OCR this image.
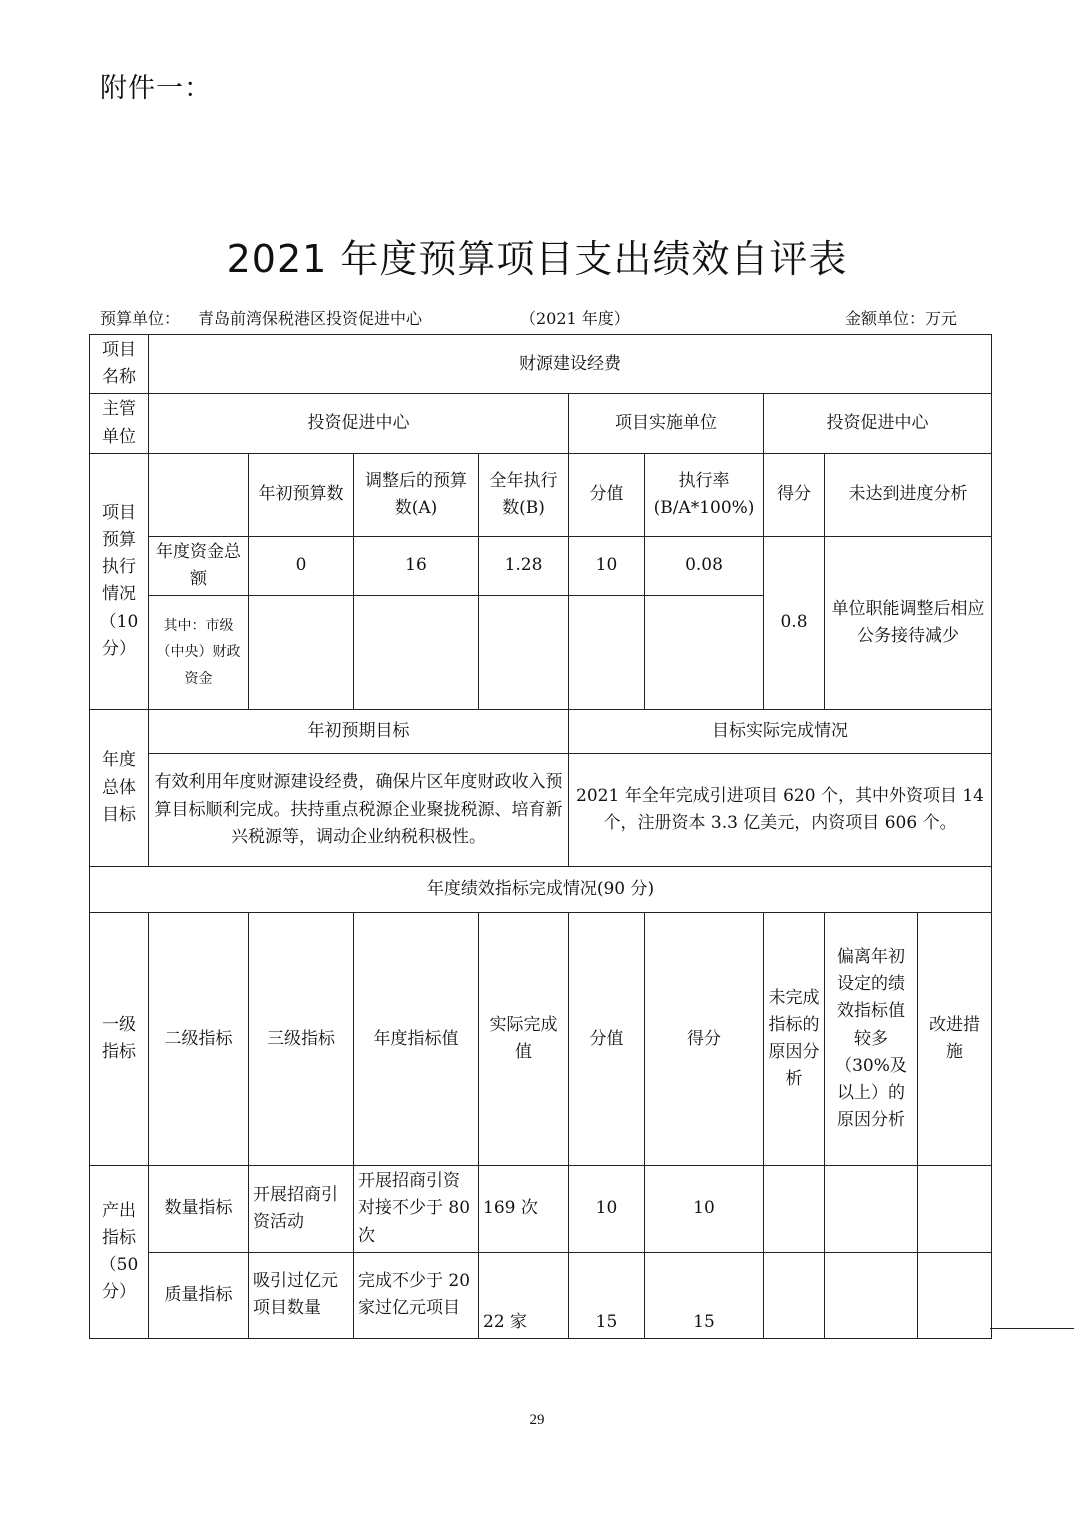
附件一：
2021 年度预算项目支出绩效自评表
预算单位： 青岛前湾保税港区投资促进中心	（2021 年度）	金额单位：万元
项目名称	财源建设经费								
主管单位	投资促进中心				项目实施单位		投资促进中心		
项目预算执行情况（10分）		年初预算数	调整后的预算数(A)	全年执行数(B)	分值	执行率(B/A*100%)	得分	未达到进度分析	
	年度资金总额	0	16	1.28	10	0.08	0.8	单位职能调整后相应公务接待减少	
	其中：市级（中央）财政资金								
年度总体目标	年初预期目标				目标实际完成情况				
	有效利用年度财源建设经费，确保片区年度财政收入预算目标顺利完成。扶持重点税源企业聚拢税源、培育新兴税源等，调动企业纳税积极性。				2021 年全年完成引进项目 620 个，其中外资项目 14 个，注册资本 3.3 亿美元，内资项目 606 个。				
年度绩效指标完成情况(90 分)									
一级指标	二级指标	三级指标	年度指标值	实际完成值	分值	得分	未完成指标的原因分析	偏离年初设定的绩效指标值较多（30%及以上）的原因分析	改进措施
产出指标（50分）	数量指标	开展招商引资活动	开展招商引资对接不少于 80 次	169 次	10	10			
	质量指标	吸引过亿元项目数量	完成不少于 20 家过亿元项目	22 家	15	15			
29
